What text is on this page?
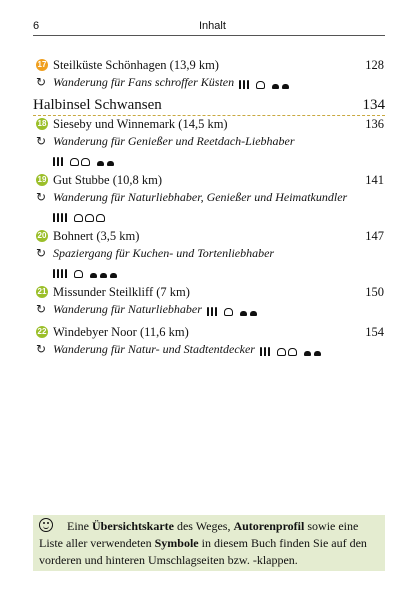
6	Inhalt
17 Steilküste Schönhagen (13,9 km)	128
↻ Wanderung für Fans schroffer Küsten
Halbinsel Schwansen	134
18 Sieseby und Winnemark (14,5 km)	136
↻ Wanderung für Genießer und Reetdach-Liebhaber
19 Gut Stubbe (10,8 km)	141
↻ Wanderung für Naturliebhaber, Genießer und Heimatkundler
20 Bohnert (3,5 km)	147
↻ Spaziergang für Kuchen- und Tortenliebhaber
21 Missunder Steilkliff (7 km)	150
↻ Wanderung für Naturliebhaber
22 Windebyer Noor (11,6 km)	154
↻ Wanderung für Natur- und Stadtentdecker
Eine Übersichtskarte des Weges, Autorenprofil sowie eine Liste aller verwendeten Symbole in diesem Buch finden Sie auf den vorderen und hinteren Umschlagseiten bzw. -klappen.
